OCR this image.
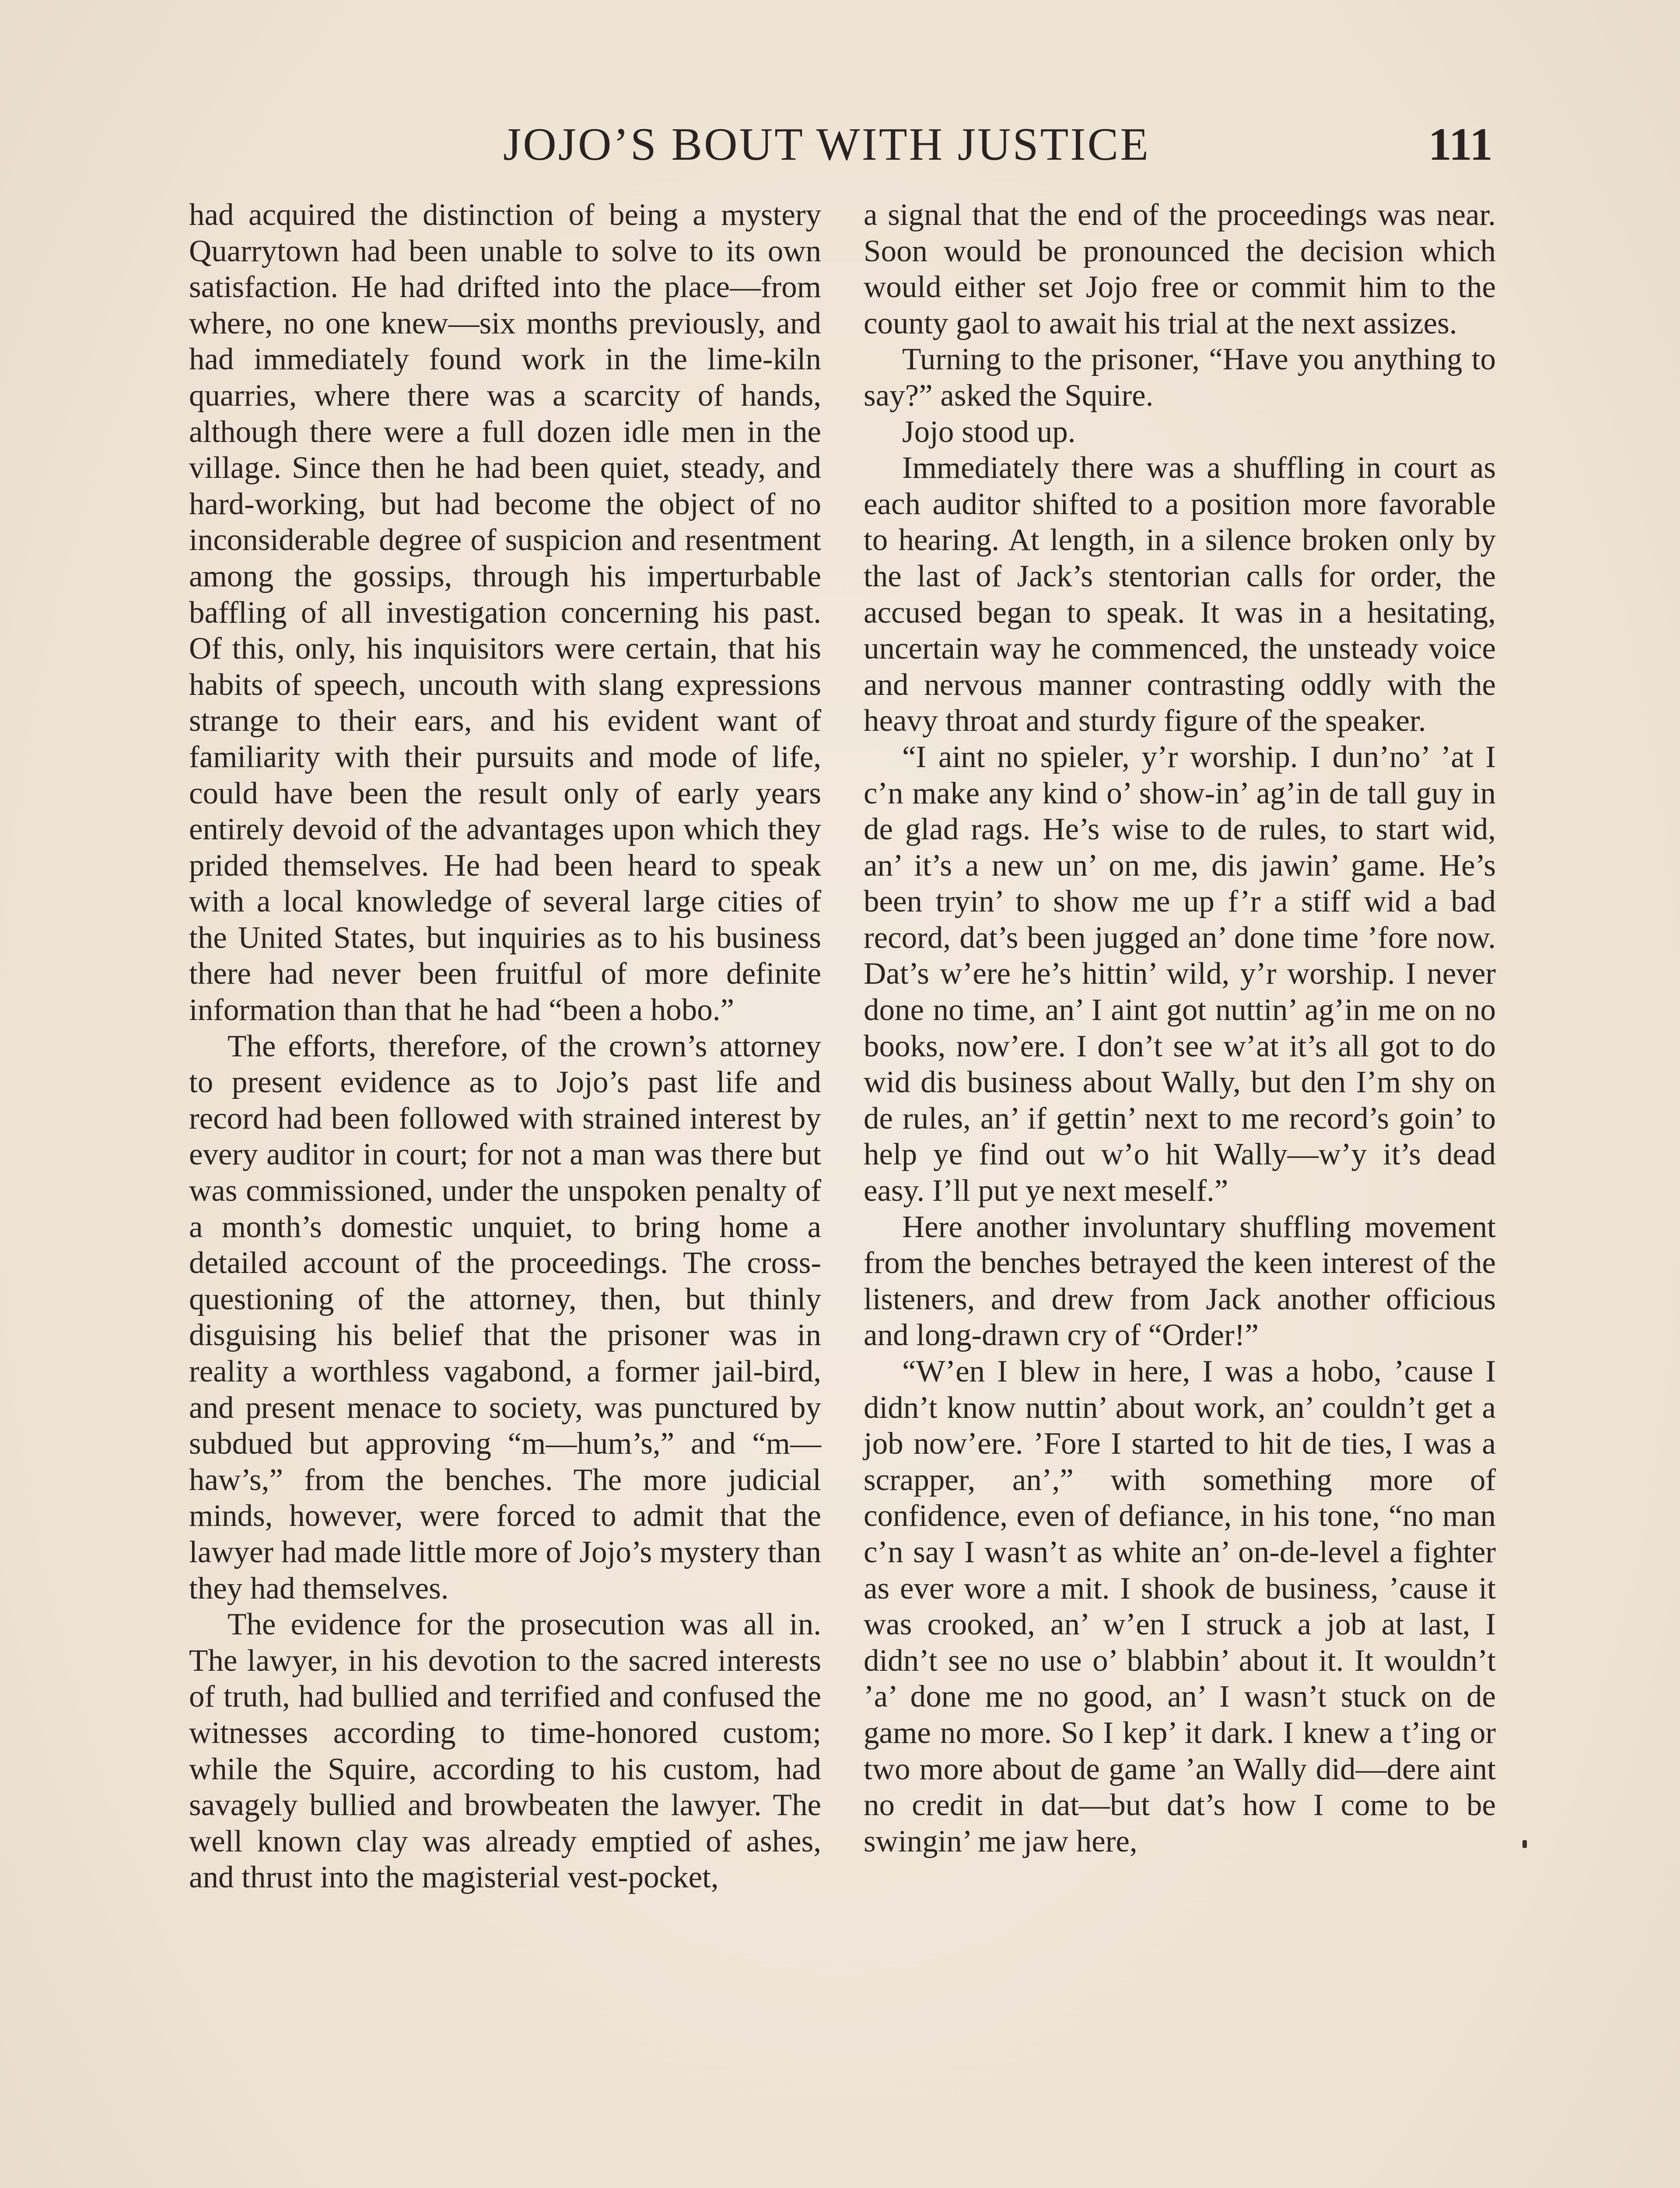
JOJO’S BOUT WITH JUSTICE	111

had acquired the distinction of being a mystery Quarrytown had been unable to solve to its own satisfaction. He had drifted into the place—from where, no one knew—six months previously, and had immediately found work in the lime-kiln quarries, where there was a scarcity of hands, although there were a full dozen idle men in the village. Since then he had been quiet, steady, and hard-working, but had become the object of no inconsiderable degree of suspicion and resentment among the gossips, through his imperturbable baffling of all investigation concerning his past. Of this, only, his inquisitors were certain, that his habits of speech, uncouth with slang expressions strange to their ears, and his evident want of familiarity with their pursuits and mode of life, could have been the result only of early years entirely devoid of the advantages upon which they prided themselves. He had been heard to speak with a local knowledge of several large cities of the United States, but inquiries as to his business there had never been fruitful of more definite information than that he had “been a hobo.”

The efforts, therefore, of the crown’s attorney to present evidence as to Jojo’s past life and record had been followed with strained interest by every auditor in court; for not a man was there but was commissioned, under the unspoken penalty of a month’s domestic unquiet, to bring home a detailed account of the proceedings. The cross-questioning of the attorney, then, but thinly disguising his belief that the prisoner was in reality a worthless vagabond, a former jail-bird, and present menace to society, was punctured by subdued but approving “m—hum’s,” and “m—haw’s,” from the benches. The more judicial minds, however, were forced to admit that the lawyer had made little more of Jojo’s mystery than they had themselves.

The evidence for the prosecution was all in. The lawyer, in his devotion to the sacred interests of truth, had bullied and terrified and confused the witnesses according to time-honored custom; while the Squire, according to his custom, had savagely bullied and browbeaten the lawyer. The well known clay was already emptied of ashes, and thrust into the magisterial vest-pocket,

a signal that the end of the proceedings was near. Soon would be pronounced the decision which would either set Jojo free or commit him to the county gaol to await his trial at the next assizes.

Turning to the prisoner, “Have you anything to say?” asked the Squire.

Jojo stood up.

Immediately there was a shuffling in court as each auditor shifted to a position more favorable to hearing. At length, in a silence broken only by the last of Jack’s stentorian calls for order, the accused began to speak. It was in a hesitating, uncertain way he commenced, the unsteady voice and nervous manner contrasting oddly with the heavy throat and sturdy figure of the speaker.

“I aint no spieler, y’r worship. I dun’no’ ’at I c’n make any kind o’ show-in’ ag’in de tall guy in de glad rags. He’s wise to de rules, to start wid, an’ it’s a new un’ on me, dis jawin’ game. He’s been tryin’ to show me up f’r a stiff wid a bad record, dat’s been jugged an’ done time ’fore now. Dat’s w’ere he’s hittin’ wild, y’r worship. I never done no time, an’ I aint got nuttin’ ag’in me on no books, now’ere. I don’t see w’at it’s all got to do wid dis business about Wally, but den I’m shy on de rules, an’ if gettin’ next to me record’s goin’ to help ye find out w’o hit Wally—w’y it’s dead easy. I’ll put ye next meself.”

Here another involuntary shuffling movement from the benches betrayed the keen interest of the listeners, and drew from Jack another officious and long-drawn cry of “Order!”

“W’en I blew in here, I was a hobo, ’cause I didn’t know nuttin’ about work, an’ couldn’t get a job now’ere. ’Fore I started to hit de ties, I was a scrapper, an’,” with something more of confidence, even of defiance, in his tone, “no man c’n say I wasn’t as white an’ on-de-level a fighter as ever wore a mit. I shook de business, ’cause it was crooked, an’ w’en I struck a job at last, I didn’t see no use o’ blabbin’ about it. It wouldn’t ’a’ done me no good, an’ I wasn’t stuck on de game no more. So I kep’ it dark. I knew a t’ing or two more about de game ’an Wally did—dere aint no credit in dat—but dat’s how I come to be swingin’ me jaw here,
